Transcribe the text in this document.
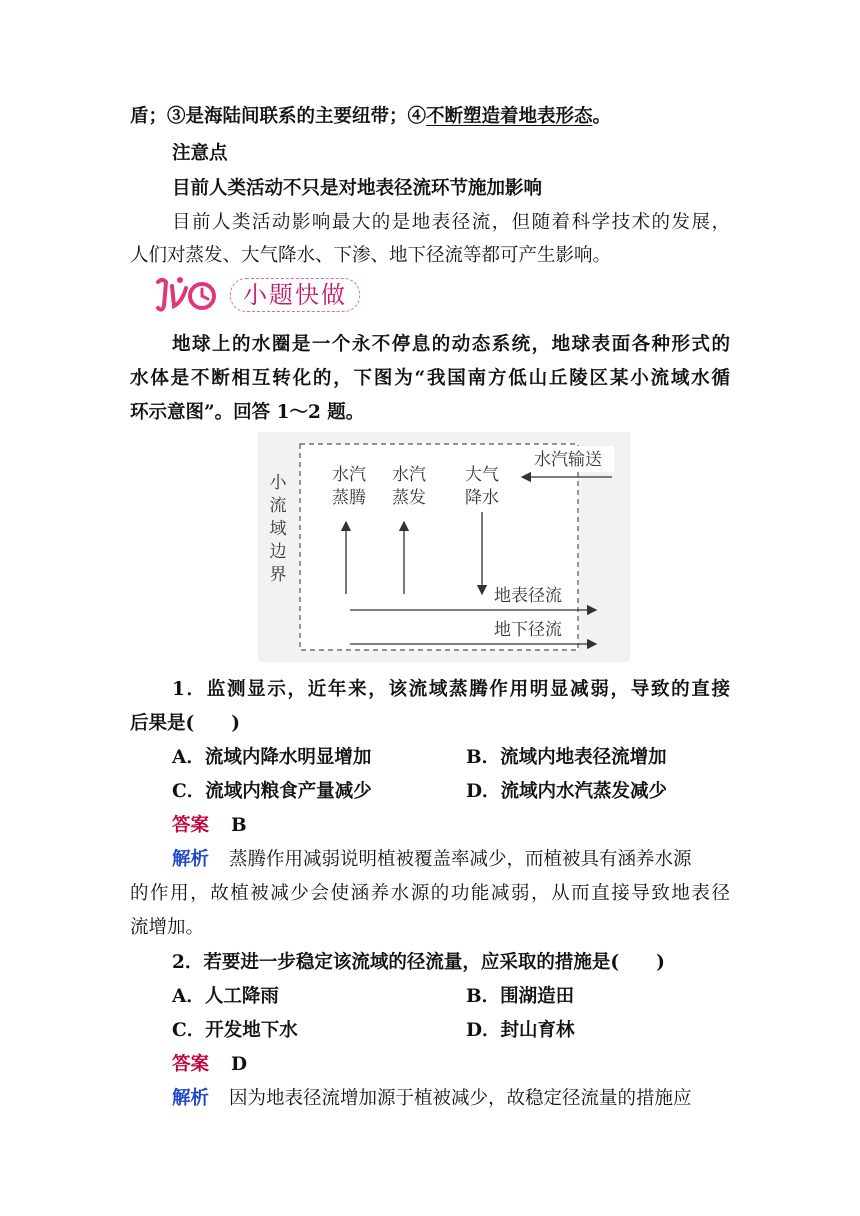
盾；③是海陆间联系的主要纽带；④不断塑造着地表形态。
注意点
目前人类活动不只是对地表径流环节施加影响
目前人类活动影响最大的是地表径流，但随着科学技术的发展，
人们对蒸发、大气降水、下渗、地下径流等都可产生影响。
小题快做
地球上的水圈是一个永不停息的动态系统，地球表面各种形式的
水体是不断相互转化的，下图为“我国南方低山丘陵区某小流域水循
环示意图”。回答 1～2 题。
小
流
域
边
界
水汽
蒸腾
水汽
蒸发
大气
降水
水汽输送
地表径流
地下径流
1．监测显示，近年来，该流域蒸腾作用明显减弱，导致的直接
后果是(　　)
A．流域内降水明显增加	B．流域内地表径流增加
C．流域内粮食产量减少	D．流域内水汽蒸发减少
答案 B
解析 蒸腾作用减弱说明植被覆盖率减少，而植被具有涵养水源
的作用，故植被减少会使涵养水源的功能减弱，从而直接导致地表径
流增加。
2．若要进一步稳定该流域的径流量，应采取的措施是(　　)
A．人工降雨	B．围湖造田
C．开发地下水	D．封山育林
答案 D
解析 因为地表径流增加源于植被减少，故稳定径流量的措施应
